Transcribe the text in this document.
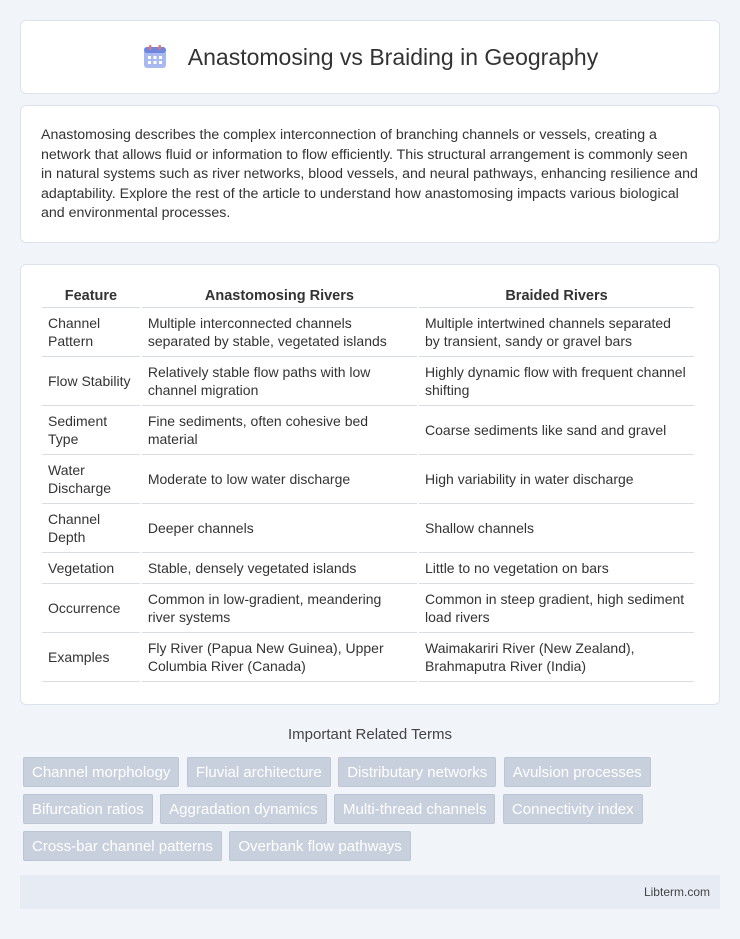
Anastomosing vs Braiding in Geography

Anastomosing describes the complex interconnection of branching channels or vessels, creating a network that allows fluid or information to flow efficiently. This structural arrangement is commonly seen in natural systems such as river networks, blood vessels, and neural pathways, enhancing resilience and adaptability. Explore the rest of the article to understand how anastomosing impacts various biological and environmental processes.

Feature	Anastomosing Rivers	Braided Rivers
Channel Pattern	Multiple interconnected channels separated by stable, vegetated islands	Multiple intertwined channels separated by transient, sandy or gravel bars
Flow Stability	Relatively stable flow paths with low channel migration	Highly dynamic flow with frequent channel shifting
Sediment Type	Fine sediments, often cohesive bed material	Coarse sediments like sand and gravel
Water Discharge	Moderate to low water discharge	High variability in water discharge
Channel Depth	Deeper channels	Shallow channels
Vegetation	Stable, densely vegetated islands	Little to no vegetation on bars
Occurrence	Common in low-gradient, meandering river systems	Common in steep gradient, high sediment load rivers
Examples	Fly River (Papua New Guinea), Upper Columbia River (Canada)	Waimakariri River (New Zealand), Brahmaputra River (India)
Important Related Terms
Channel morphology Fluvial architecture Distributary networks Avulsion processes Bifurcation ratios Aggradation dynamics Multi-thread channels Connectivity index Cross-bar channel patterns Overbank flow pathways
Libterm.com
